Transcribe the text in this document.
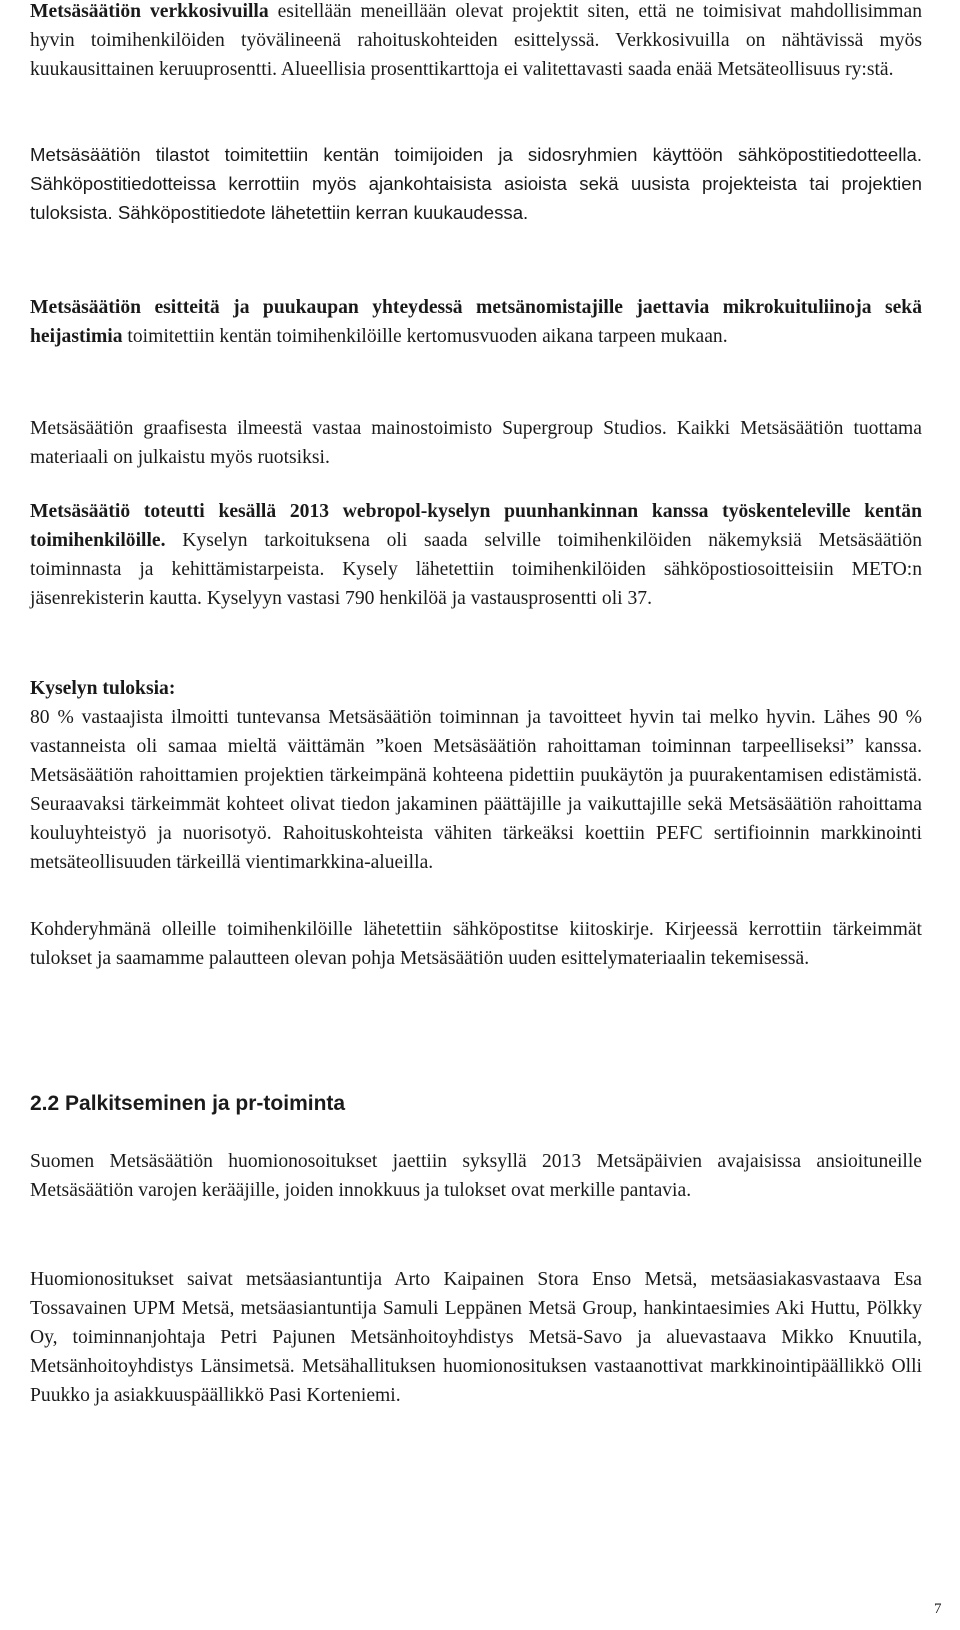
Metsäsäätiön verkkosivuilla esitellään meneillään olevat projektit siten, että ne toimisivat mahdollisimman hyvin toimihenkilöiden työvälineenä rahoituskohteiden esittelyssä. Verkkosivuilla on nähtävissä myös kuukausittainen keruuprosentti. Alueellisia prosenttikarttoja ei valitettavasti saada enää Metsäteollisuus ry:stä.

Metsäsäätiön tilastot toimitettiin kentän toimijoiden ja sidosryhmien käyttöön sähköpostitiedotteella. Sähköpostitiedotteissa kerrottiin myös ajankohtaisista asioista sekä uusista projekteista tai projektien tuloksista. Sähköpostitiedote lähetettiin kerran kuukaudessa.

Metsäsäätiön esitteitä ja puukaupan yhteydessä metsänomistajille jaettavia mikrokuituliinoja sekä heijastimia toimitettiin kentän toimihenkilöille kertomusvuoden aikana tarpeen mukaan.

Metsäsäätiön graafisesta ilmeestä vastaa mainostoimisto Supergroup Studios. Kaikki Metsäsäätiön tuottama materiaali on julkaistu myös ruotsiksi.

Metsäsäätiö toteutti kesällä 2013 webropol-kyselyn puunhankinnan kanssa työskenteleville kentän toimihenkilöille. Kyselyn tarkoituksena oli saada selville toimihenkilöiden näkemyksiä Metsäsäätiön toiminnasta ja kehittämistarpeista. Kysely lähetettiin toimihenkilöiden sähköpostiosoitteisiin METO:n jäsenrekisterin kautta. Kyselyyn vastasi 790 henkilöä ja vastausprosentti oli 37.

Kyselyn tuloksia:

80 % vastaajista ilmoitti tuntevansa Metsäsäätiön toiminnan ja tavoitteet hyvin tai melko hyvin. Lähes 90 % vastanneista oli samaa mieltä väittämän ”koen Metsäsäätiön rahoittaman toiminnan tarpeelliseksi” kanssa. Metsäsäätiön rahoittamien projektien tärkeimpänä kohteena pidettiin puukäytön ja puurakentamisen edistämistä. Seuraavaksi tärkeimmät kohteet olivat tiedon jakaminen päättäjille ja vaikuttajille sekä Metsäsäätiön rahoittama kouluyhteistyö ja nuorisotyö. Rahoituskohteista vähiten tärkeäksi koettiin PEFC sertifioinnin markkinointi metsäteollisuuden tärkeillä vientimarkkina-alueilla.

Kohderyhmänä olleille toimihenkilöille lähetettiin sähköpostitse kiitoskirje. Kirjeessä kerrottiin tärkeimmät tulokset ja saamamme palautteen olevan pohja Metsäsäätiön uuden esittelymateriaalin tekemisessä.

2.2 Palkitseminen ja pr-toiminta

Suomen Metsäsäätiön huomionosoitukset jaettiin syksyllä 2013 Metsäpäivien avajaisissa ansioituneille Metsäsäätiön varojen kerääjille, joiden innokkuus ja tulokset ovat merkille pantavia.

Huomionositukset saivat metsäasiantuntija Arto Kaipainen Stora Enso Metsä, metsäasiakasvastaava Esa Tossavainen UPM Metsä, metsäasiantuntija Samuli Leppänen Metsä Group, hankintaesimies Aki Huttu, Pölkky Oy, toiminnanjohtaja Petri Pajunen Metsänhoitoyhdistys Metsä-Savo ja aluevastaava Mikko Knuutila, Metsänhoitoyhdistys Länsimetsä. Metsähallituksen huomionosituksen vastaanottivat markkinointipäällikkö Olli Puukko ja asiakkuuspäällikkö Pasi Korteniemi.

7
